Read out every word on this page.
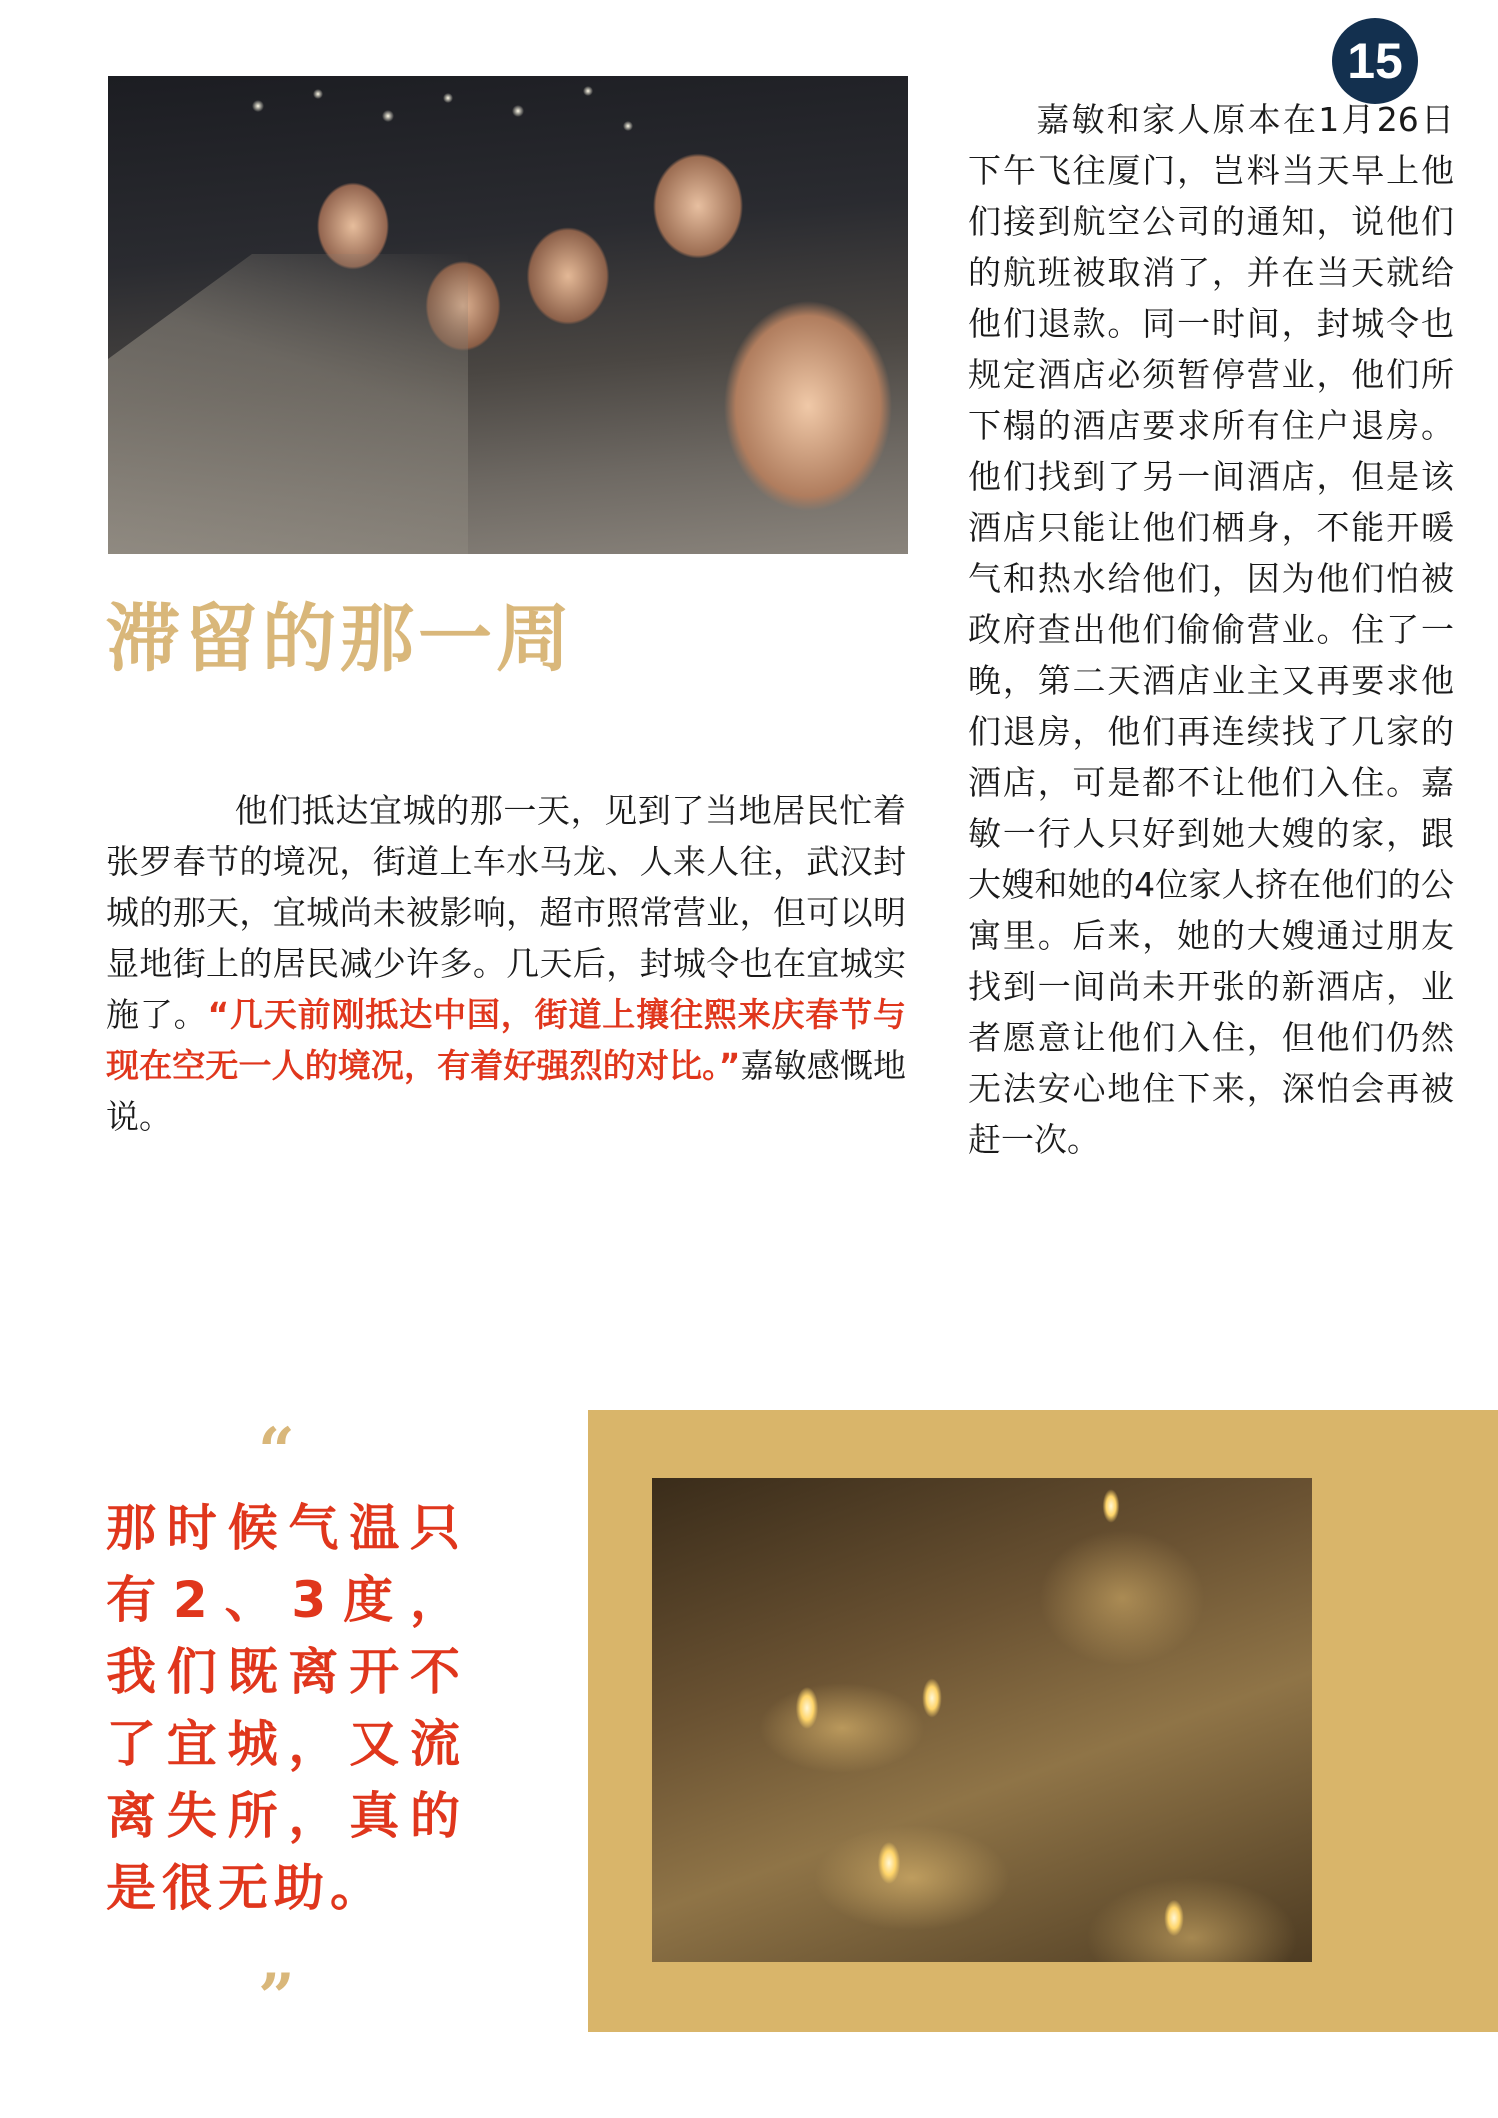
15
滞留的那一周

他们抵达宜城的那一天，见到了当地居民忙着张罗春节的境况，街道上车水马龙、人来人往，武汉封城的那天，宜城尚未被影响，超市照常营业，但可以明显地街上的居民减少许多。几天后，封城令也在宜城实施了。“几天前刚抵达中国，街道上攘往熙来庆春节与现在空无一人的境况，有着好强烈的对比。”嘉敏感慨地说。

嘉敏和家人原本在1月26日下午飞往厦门，岂料当天早上他们接到航空公司的通知，说他们的航班被取消了，并在当天就给他们退款。同一时间，封城令也规定酒店必须暂停营业，他们所下榻的酒店要求所有住户退房。他们找到了另一间酒店，但是该酒店只能让他们栖身，不能开暖气和热水给他们，因为他们怕被政府查出他们偷偷营业。住了一晚，第二天酒店业主又再要求他们退房，他们再连续找了几家的酒店，可是都不让他们入住。嘉敏一行人只好到她大嫂的家，跟大嫂和她的4位家人挤在他们的公寓里。后来，她的大嫂通过朋友找到一间尚未开张的新酒店，业者愿意让他们入住，但他们仍然无法安心地住下来，深怕会再被赶一次。

“

那时候气温只有2、3度，我们既离开不了宜城，又流离失所，真的是很无助。

”
